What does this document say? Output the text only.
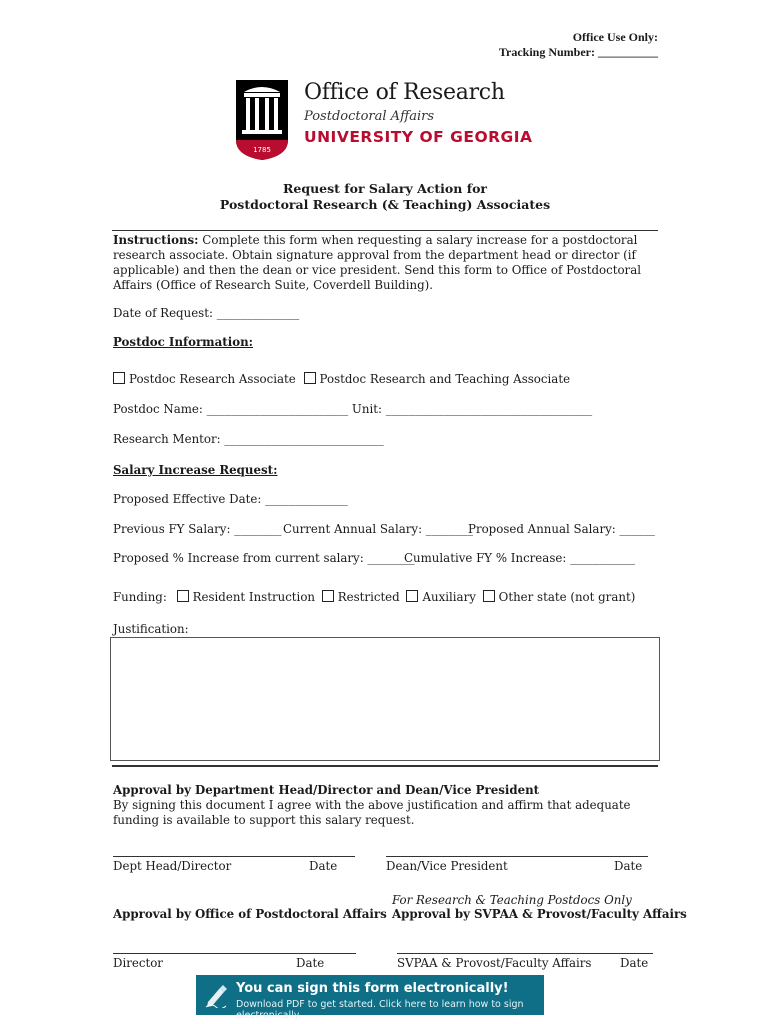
Office Use Only:
Tracking Number: __________
1785
Office of Research
Postdoctoral Affairs
UNIVERSITY OF GEORGIA
Request for Salary Action for
Postdoctoral Research (& Teaching) Associates
Instructions: Complete this form when requesting a salary increase for a postdoctoral research associate. Obtain signature approval from the department head or director (if applicable) and then the dean or vice president. Send this form to Office of Postdoctoral Affairs (Office of Research Suite, Coverdell Building).
Date of Request: ______________
Postdoc Information:
Postdoc Research Associate Postdoc Research and Teaching Associate
Postdoc Name: ________________________ Unit: ___________________________________
Research Mentor: ___________________________
Salary Increase Request:
Proposed Effective Date: ______________
Previous FY Salary: ________ Current Annual Salary: ________
Proposed Annual Salary: ______
Proposed % Increase from current salary: ________
Cumulative FY % Increase: ___________
Funding: Resident Instruction Restricted Auxiliary Other state (not grant)
Justification:
Approval by Department Head/Director and Dean/Vice President
By signing this document I agree with the above justification and affirm that adequate funding is available to support this salary request.
Dept Head/Director	Date	Dean/Vice President	Date
For Research & Teaching Postdocs Only
Approval by Office of Postdoctoral Affairs Approval by SVPAA & Provost/Faculty Affairs
Director	Date	SVPAA & Provost/Faculty Affairs Date
You can sign this form electronically!
Download PDF to get started. Click here to learn how to sign electronically.
